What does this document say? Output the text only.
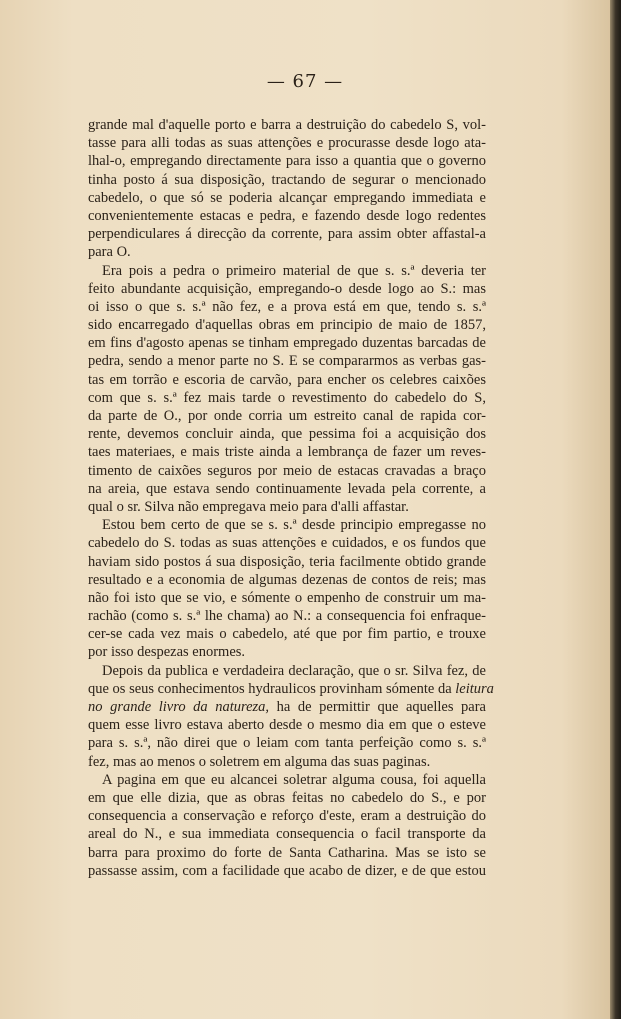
— 67 —
grande mal d'aquelle porto e barra a destruição do cabedelo S, vol-
tasse para alli todas as suas attenções e procurasse desde logo ata-
lhal-o, empregando directamente para isso a quantia que o governo
tinha posto á sua disposição, tractando de segurar o mencionado
cabedelo, o que só se poderia alcançar empregando immediata e
convenientemente estacas e pedra, e fazendo desde logo redentes
perpendiculares á direcção da corrente, para assim obter affastal-a
para O.
Era pois a pedra o primeiro material de que s. s.ª deveria ter
feito abundante acquisição, empregando-o desde logo ao S.: mas
oi isso o que s. s.ª não fez, e a prova está em que, tendo s. s.ª
sido encarregado d'aquellas obras em principio de maio de 1857,
em fins d'agosto apenas se tinham empregado duzentas barcadas de
pedra, sendo a menor parte no S. E se compararmos as verbas gas-
tas em torrão e escoria de carvão, para encher os celebres caixões
com que s. s.ª fez mais tarde o revestimento do cabedelo do S,
da parte de O., por onde corria um estreito canal de rapida cor-
rente, devemos concluir ainda, que pessima foi a acquisição dos
taes materiaes, e mais triste ainda a lembrança de fazer um reves-
timento de caixões seguros por meio de estacas cravadas a braço
na areia, que estava sendo continuamente levada pela corrente, a
qual o sr. Silva não empregava meio para d'alli affastar.
Estou bem certo de que se s. s.ª desde principio empregasse no
cabedelo do S. todas as suas attenções e cuidados, e os fundos que
haviam sido postos á sua disposição, teria facilmente obtido grande
resultado e a economia de algumas dezenas de contos de reis; mas
não foi isto que se vio, e sómente o empenho de construir um ma-
rachão (como s. s.ª lhe chama) ao N.: a consequencia foi enfraque-
cer-se cada vez mais o cabedelo, até que por fim partio, e trouxe
por isso despezas enormes.
Depois da publica e verdadeira declaração, que o sr. Silva fez, de
que os seus conhecimentos hydraulicos provinham sómente da leitura
no grande livro da natureza, ha de permittir que aquelles para
quem esse livro estava aberto desde o mesmo dia em que o esteve
para s. s.ª, não direi que o leiam com tanta perfeição como s. s.ª
fez, mas ao menos o soletrem em alguma das suas paginas.
A pagina em que eu alcancei soletrar alguma cousa, foi aquella
em que elle dizia, que as obras feitas no cabedelo do S., e por
consequencia a conservação e reforço d'este, eram a destruição do
areal do N., e sua immediata consequencia o facil transporte da
barra para proximo do forte de Santa Catharina. Mas se isto se
passasse assim, com a facilidade que acabo de dizer, e de que estou
